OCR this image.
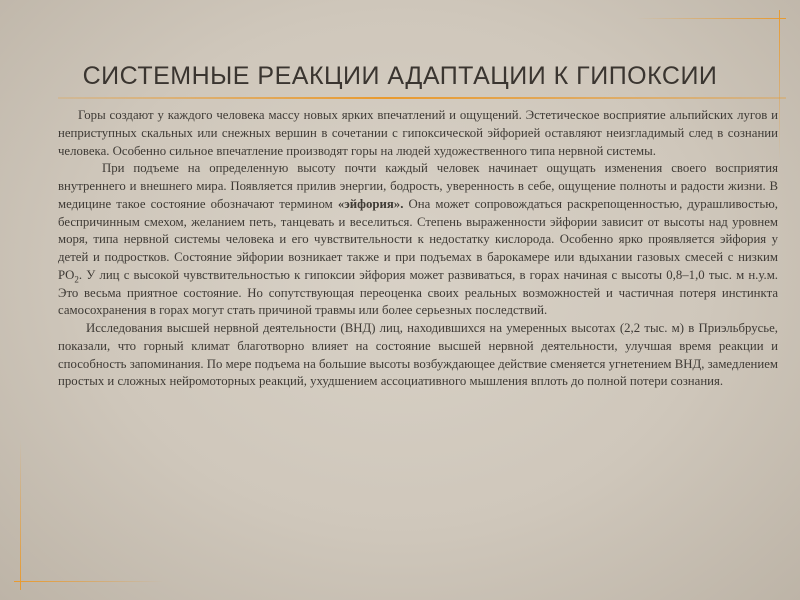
СИСТЕМНЫЕ РЕАКЦИИ АДАПТАЦИИ К ГИПОКСИИ

Горы создают у каждого человека массу новых ярких впечатлений и ощущений. Эстетическое восприятие альпийских лугов и неприступных скальных или снежных вершин в сочетании с гипоксической эйфорией оставляют неизгладимый след в сознании человека. Особенно сильное впечатление производят горы на людей художественного типа нервной системы.

При подъеме на определенную высоту почти каждый человек начинает ощущать изменения своего восприятия внутреннего и внешнего мира. Появляется прилив энергии, бодрость, уверенность в себе, ощущение полноты и радости жизни. В медицине такое состояние обозначают термином «эйфория». Она может сопровождаться раскрепощенностью, дурашливостью, беспричинным смехом, желанием петь, танцевать и веселиться. Степень выраженности эйфории зависит от высоты над уровнем моря, типа нервной системы человека и его чувствительности к недостатку кислорода. Особенно ярко проявляется эйфория у детей и подростков. Состояние эйфории возникает также и при подъемах в барокамере или вдыхании газовых смесей с низким $PO_2$. У лиц с высокой чувствительностью к гипоксии эйфория может развиваться, в горах начиная с высоты 0,8–1,0 тыс. м н.у.м. Это весьма приятное состояние. Но сопутствующая переоценка своих реальных возможностей и частичная потеря инстинкта самосохранения в горах могут стать причиной травмы или более серьезных последствий.

Исследования высшей нервной деятельности (ВНД) лиц, находившихся на умеренных высотах (2,2 тыс. м) в Приэльбрусье, показали, что горный климат благотворно влияет на состояние высшей нервной деятельности, улучшая время реакции и способность запоминания. По мере подъема на большие высоты возбуждающее действие сменяется угнетением ВНД, замедлением простых и сложных нейромоторных реакций, ухудшением ассоциативного мышления вплоть до полной потери сознания.
